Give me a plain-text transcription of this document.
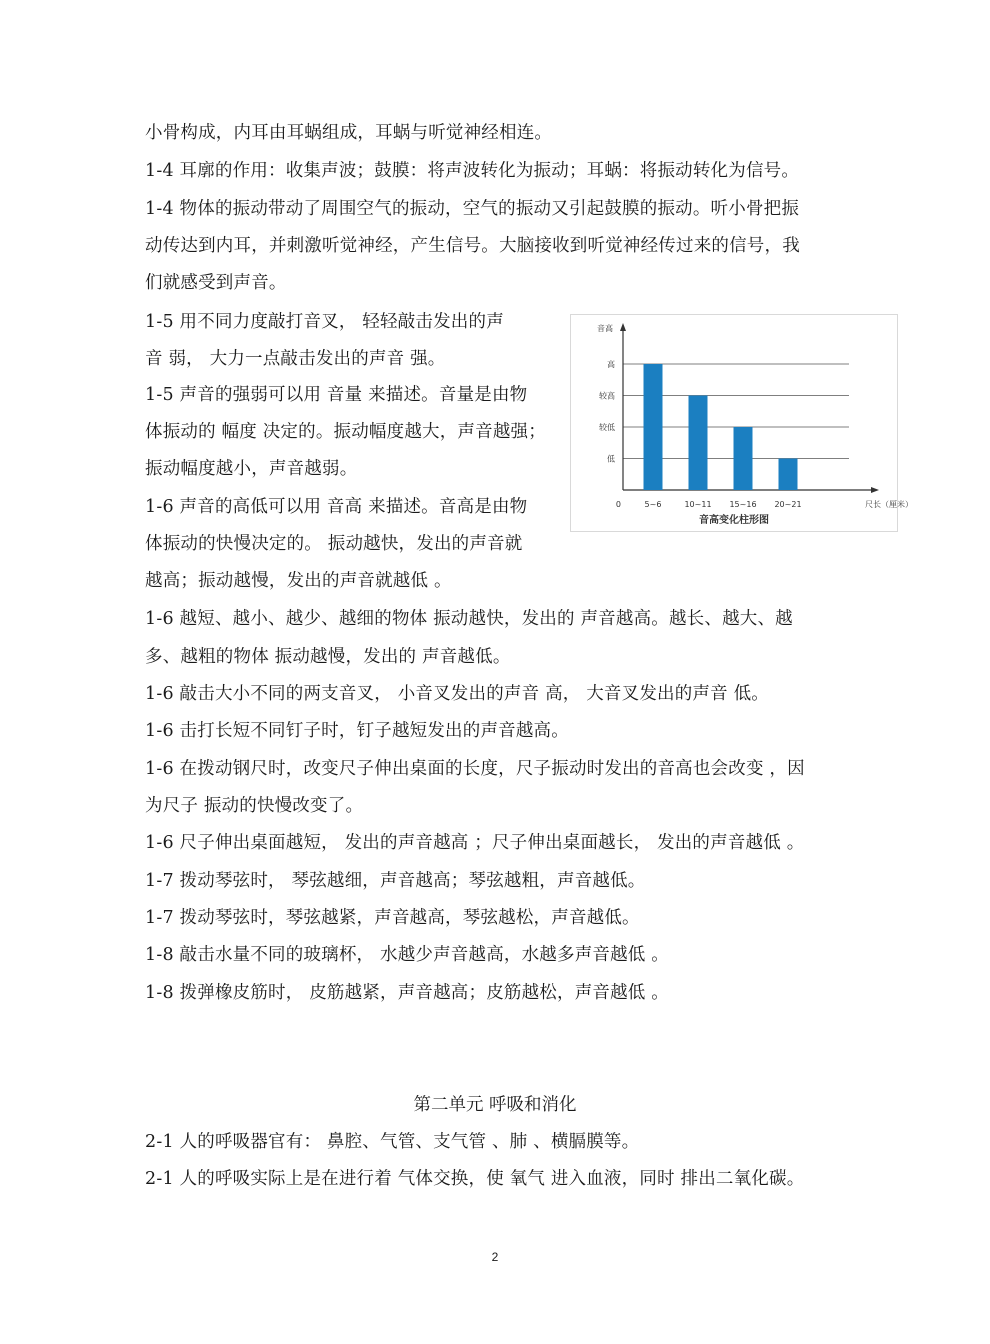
小骨构成，内耳由耳蜗组成，耳蜗与听觉神经相连。
1-4 耳廓的作用：收集声波；鼓膜：将声波转化为振动；耳蜗：将振动转化为信号。
1-4 物体的振动带动了周围空气的振动，空气的振动又引起鼓膜的振动。听小骨把振
动传达到内耳，并刺激听觉神经，产生信号。大脑接收到听觉神经传过来的信号，我
们就感受到声音。
1-5 用不同力度敲打音叉， 轻轻敲击发出的声
音 弱， 大力一点敲击发出的声音 强。
1-5 声音的强弱可以用 音量 来描述。音量是由物
体振动的 幅度 决定的。振动幅度越大，声音越强；
振动幅度越小，声音越弱。
1-6 声音的高低可以用 音高 来描述。音高是由物
体振动的快慢决定的。 振动越快，发出的声音就
越高；振动越慢，发出的声音就越低 。
1-6 越短、越小、越少、越细的物体 振动越快，发出的 声音越高。越长、越大、越
多、越粗的物体 振动越慢，发出的 声音越低。
1-6 敲击大小不同的两支音叉， 小音叉发出的声音 高， 大音叉发出的声音 低。
1-6 击打长短不同钉子时，钉子越短发出的声音越高。
1-6 在拨动钢尺时，改变尺子伸出桌面的长度，尺子振动时发出的音高也会改变 ，因
为尺子 振动的快慢改变了。
1-6 尺子伸出桌面越短， 发出的声音越高 ；尺子伸出桌面越长， 发出的声音越低 。
1-7 拨动琴弦时， 琴弦越细，声音越高；琴弦越粗，声音越低。
1-7 拨动琴弦时，琴弦越紧，声音越高，琴弦越松，声音越低。
1-8 敲击水量不同的玻璃杯， 水越少声音越高，水越多声音越低 。
1-8 拨弹橡皮筋时， 皮筋越紧，声音越高；皮筋越松，声音越低 。
低
较低
较高
高
音高
0	尺长（厘米）
5~6	10~11 15~16 20~21
音高变化柱形图
第二单元 呼吸和消化
2-1 人的呼吸器官有： 鼻腔、气管、支气管 、肺 、横膈膜等。
2-1 人的呼吸实际上是在进行着 气体交换，使 氧气 进入血液，同时 排出二氧化碳。
2
